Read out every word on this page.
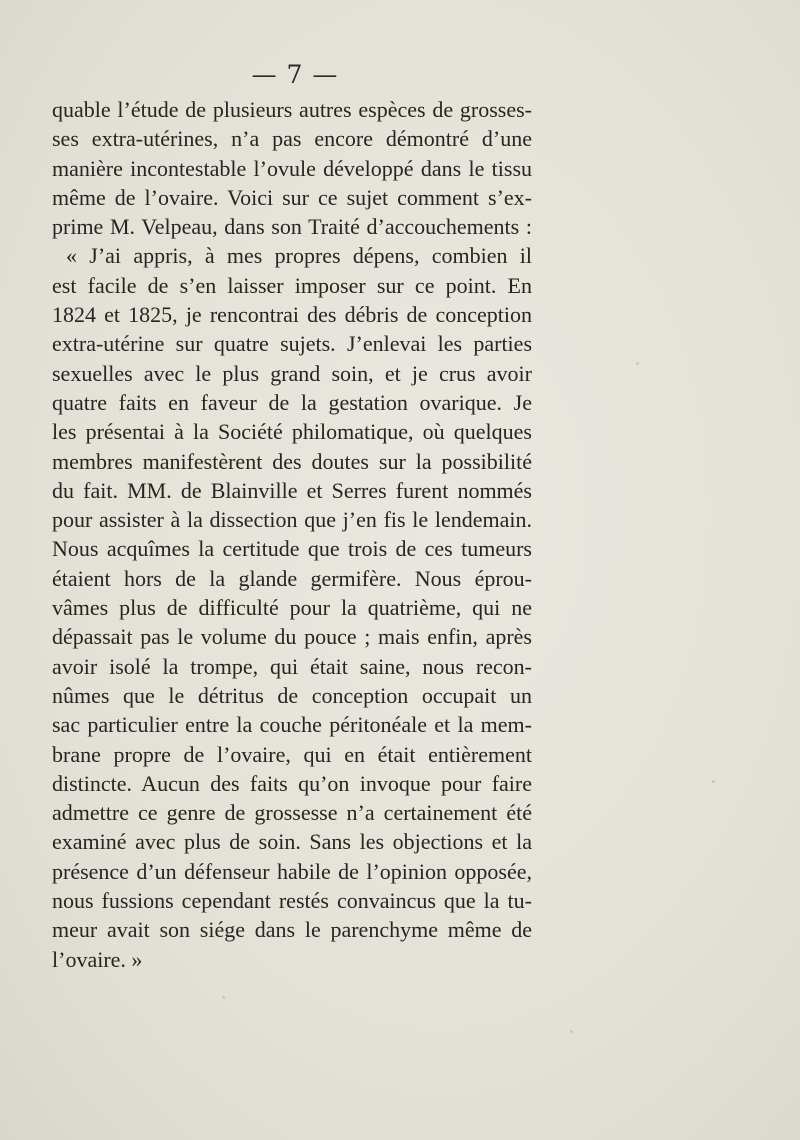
— 7 —
quable l’étude de plusieurs autres espèces de grosses-
ses extra-utérines, n’a pas encore démontré d’une
manière incontestable l’ovule développé dans le tissu
même de l’ovaire. Voici sur ce sujet comment s’ex-
prime M. Velpeau, dans son Traité d’accouchements :
« J’ai appris, à mes propres dépens, combien il
est facile de s’en laisser imposer sur ce point. En
1824 et 1825, je rencontrai des débris de conception
extra-utérine sur quatre sujets. J’enlevai les parties
sexuelles avec le plus grand soin, et je crus avoir
quatre faits en faveur de la gestation ovarique. Je
les présentai à la Société philomatique, où quelques
membres manifestèrent des doutes sur la possibilité
du fait. MM. de Blainville et Serres furent nommés
pour assister à la dissection que j’en fis le lendemain.
Nous acquîmes la certitude que trois de ces tumeurs
étaient hors de la glande germifère. Nous éprou-
vâmes plus de difficulté pour la quatrième, qui ne
dépassait pas le volume du pouce ; mais enfin, après
avoir isolé la trompe, qui était saine, nous recon-
nûmes que le détritus de conception occupait un
sac particulier entre la couche péritonéale et la mem-
brane propre de l’ovaire, qui en était entièrement
distincte. Aucun des faits qu’on invoque pour faire
admettre ce genre de grossesse n’a certainement été
examiné avec plus de soin. Sans les objections et la
présence d’un défenseur habile de l’opinion opposée,
nous fussions cependant restés convaincus que la tu-
meur avait son siége dans le parenchyme même de
l’ovaire. »
